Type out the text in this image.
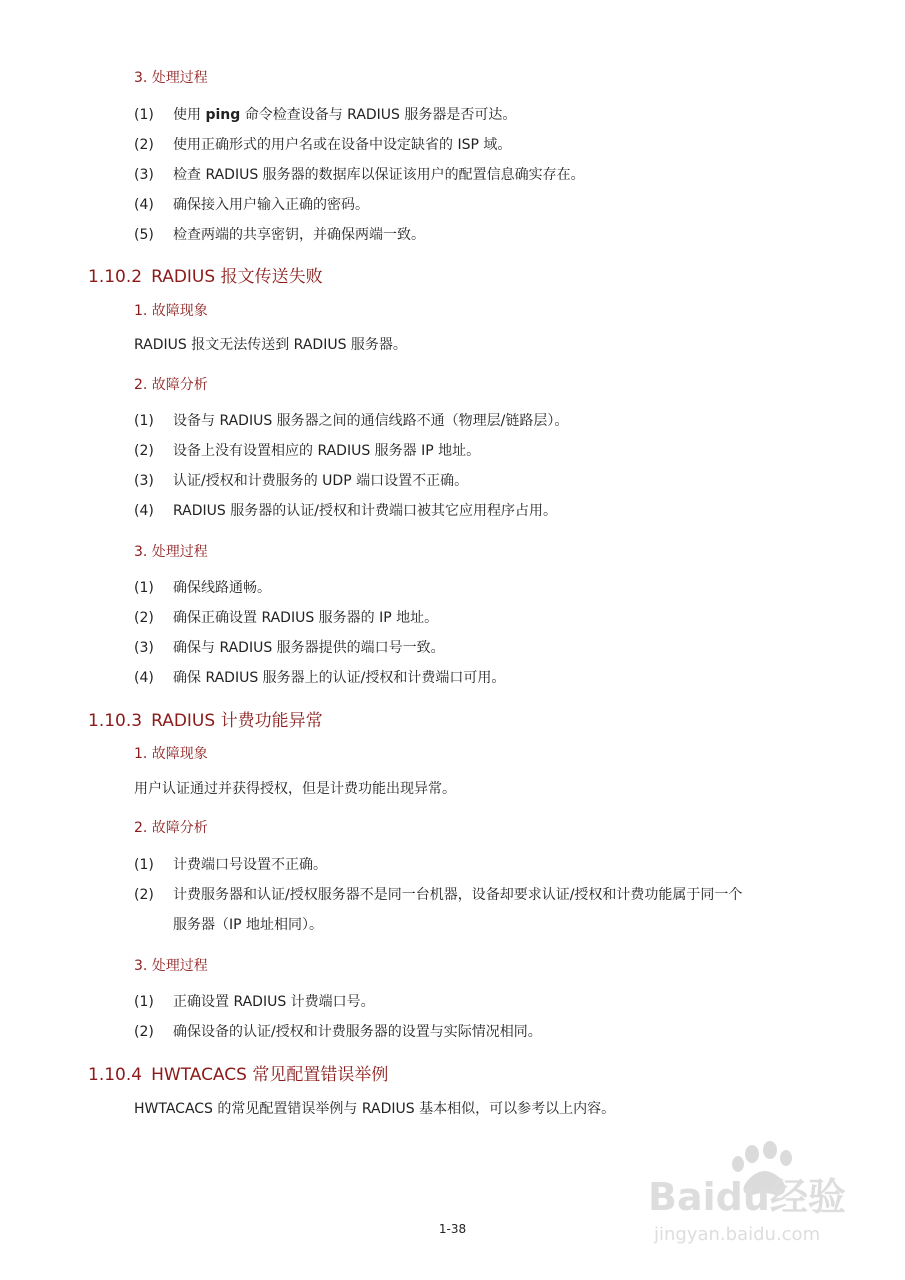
3. 处理过程
(1) 使用 ping 命令检查设备与 RADIUS 服务器是否可达。
(2) 使用正确形式的用户名或在设备中设定缺省的 ISP 域。
(3) 检查 RADIUS 服务器的数据库以保证该用户的配置信息确实存在。
(4) 确保接入用户输入正确的密码。
(5) 检查两端的共享密钥，并确保两端一致。
1.10.2 RADIUS 报文传送失败
1. 故障现象

RADIUS 报文无法传送到 RADIUS 服务器。

2. 故障分析
(1) 设备与 RADIUS 服务器之间的通信线路不通（物理层/链路层）。
(2) 设备上没有设置相应的 RADIUS 服务器 IP 地址。
(3) 认证/授权和计费服务的 UDP 端口设置不正确。
(4) RADIUS 服务器的认证/授权和计费端口被其它应用程序占用。
3. 处理过程
(1) 确保线路通畅。
(2) 确保正确设置 RADIUS 服务器的 IP 地址。
(3) 确保与 RADIUS 服务器提供的端口号一致。
(4) 确保 RADIUS 服务器上的认证/授权和计费端口可用。
1.10.3 RADIUS 计费功能异常
1. 故障现象

用户认证通过并获得授权，但是计费功能出现异常。

2. 故障分析
(1) 计费端口号设置不正确。
(2) 计费服务器和认证/授权服务器不是同一台机器，设备却要求认证/授权和计费功能属于同一个
服务器（IP 地址相同）。
3. 处理过程
(1) 正确设置 RADIUS 计费端口号。
(2) 确保设备的认证/授权和计费服务器的设置与实际情况相同。
1.10.4 HWTACACS 常见配置错误举例

HWTACACS 的常见配置错误举例与 RADIUS 基本相似，可以参考以上内容。

1-38
Baidu经验
jingyan.baidu.com
